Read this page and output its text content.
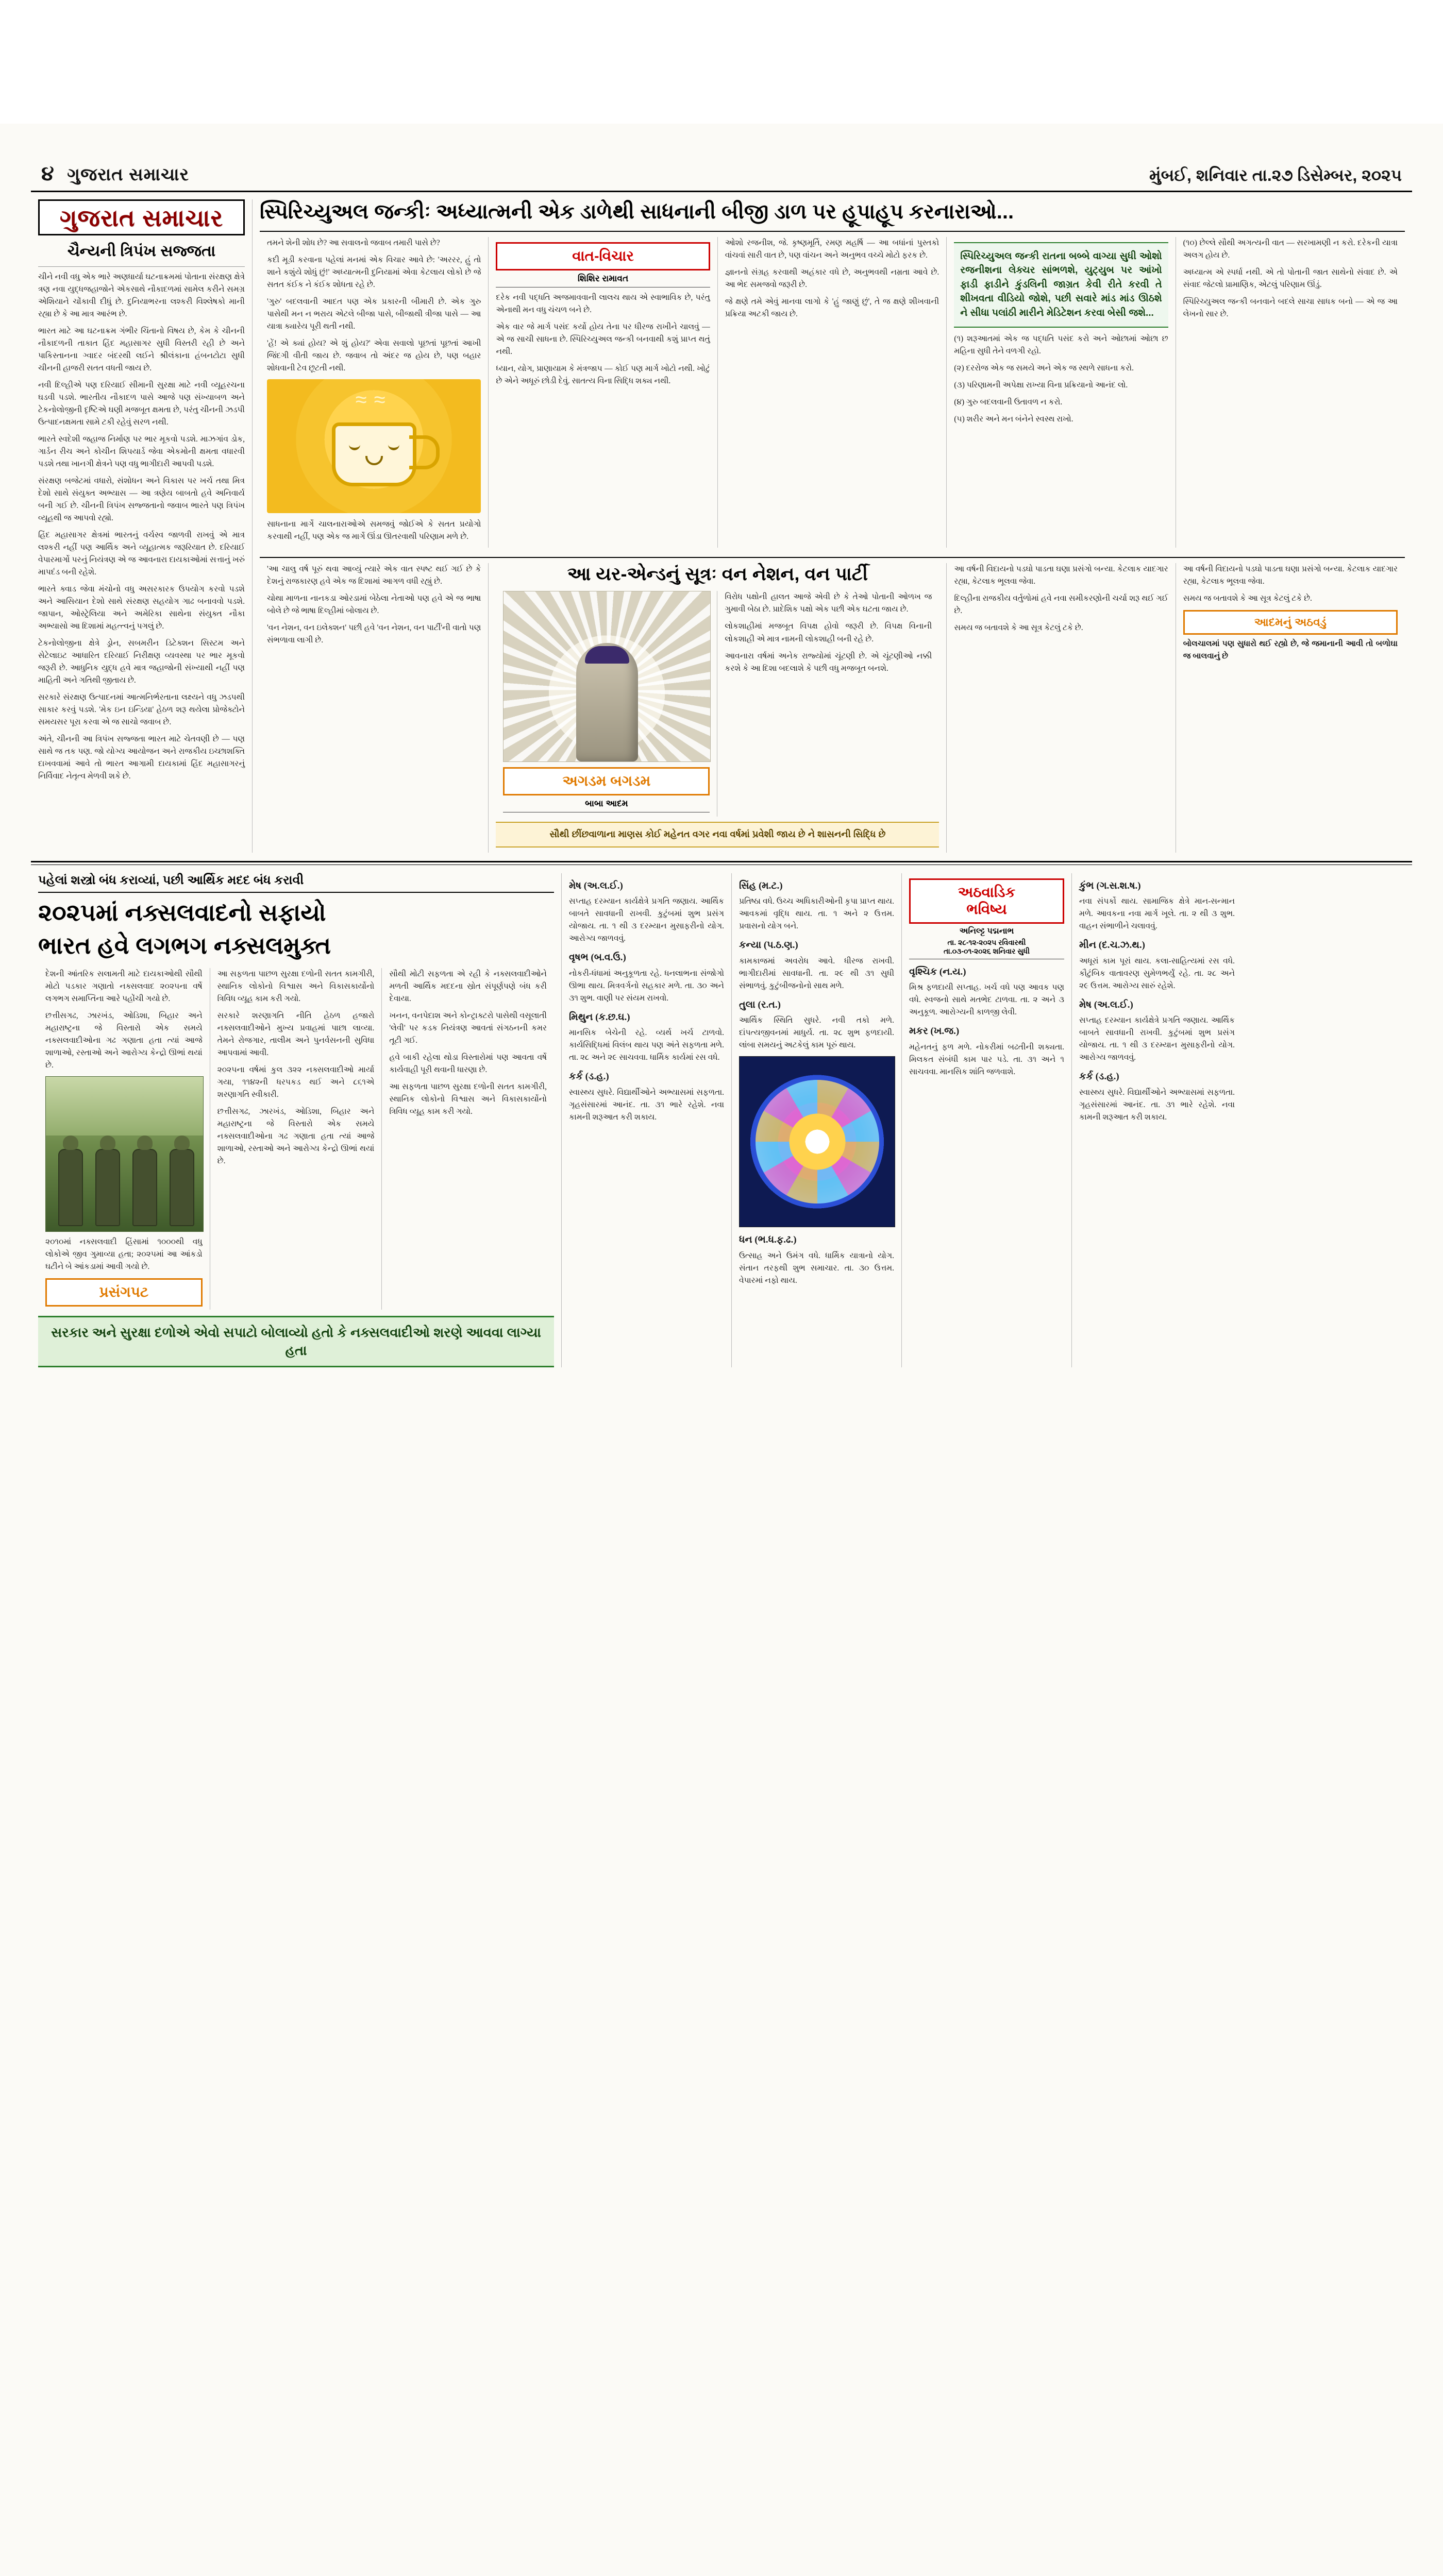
૪ ગુજરાત સમાચાર	મુંબઈ, શનિવાર તા.૨૭ ડિસેમ્બર, ૨૦૨૫
ગુજરાત સમાચાર
ચૈન્યની ત્રિપંખ સજ્જતા

ચીને નવી વધુ એક ભારે અણધાર્યા ઘટનાક્રમમાં પોતાના સંરક્ષણ ક્ષેત્રે ત્રણ નવા યુદ્ધજહાજોને એકસાથે નૌકાદળમાં સામેલ કરીને સમગ્ર એશિયાને ચોંકાવી દીધું છે. દુનિયાભરના લશ્કરી વિશ્લેષકો માની રહ્યા છે કે આ માત્ર આરંભ છે.

ભારત માટે આ ઘટનાક્રમ ગંભીર ચિંતાનો વિષય છે, કેમ કે ચીનની નૌકાદળની તાકાત હિંદ મહાસાગર સુધી વિસ્તરી રહી છે અને પાકિસ્તાનના ગ્વાદર બંદરથી લઈને શ્રીલંકાના હંબનટોટા સુધી ચીનની હાજરી સતત વધતી જાય છે.

નવી દિલ્હીએ પણ દરિયાઈ સીમાની સુરક્ષા માટે નવી વ્યૂહરચના ઘડવી પડશે. ભારતીય નૌકાદળ પાસે આજે પણ સંખ્યાબળ અને ટેકનોલોજીની દૃષ્ટિએ ઘણી મજબૂત ક્ષમતા છે, પરંતુ ચીનની ઝડપી ઉત્પાદનક્ષમતા સામે ટકી રહેવું સરળ નથી.

ભારતે સ્વદેશી જહાજ નિર્માણ પર ભાર મૂકવો પડશે. માઝગાંવ ડોક, ગાર્ડન રીચ અને કોચીન શિપયાર્ડ જેવા એકમોની ક્ષમતા વધારવી પડશે તથા ખાનગી ક્ષેત્રને પણ વધુ ભાગીદારી આપવી પડશે.

સંરક્ષણ બજેટમાં વધારો, સંશોધન અને વિકાસ પર ખર્ચ તથા મિત્ર દેશો સાથે સંયુક્ત અભ્યાસ — આ ત્રણેય બાબતો હવે અનિવાર્ય બની ગઈ છે. ચીનની ત્રિપંખ સજ્જતાનો જવાબ ભારતે પણ ત્રિપંખ વ્યૂહથી જ આપવો રહ્યો.

હિંદ મહાસાગર ક્ષેત્રમાં ભારતનું વર્ચસ્વ જાળવી રાખવું એ માત્ર લશ્કરી નહીં પણ આર્થિક અને વ્યૂહાત્મક જરૂરિયાત છે. દરિયાઈ વેપારમાર્ગો પરનું નિયંત્રણ એ જ આવનારા દાયકાઓમાં સત્તાનું ખરું માપદંડ બની રહેશે.

ભારતે ક્વાડ જેવા મંચોનો વધુ અસરકારક ઉપયોગ કરવો પડશે અને આસિયાન દેશો સાથે સંરક્ષણ સહયોગ ગાઢ બનાવવો પડશે. જાપાન, ઓસ્ટ્રેલિયા અને અમેરિકા સાથેના સંયુક્ત નૌકા અભ્યાસો આ દિશામાં મહત્ત્વનું પગલું છે.

ટેકનોલોજીના ક્ષેત્રે ડ્રોન, સબમરીન ડિટેક્શન સિસ્ટમ અને સેટેલાઇટ આધારિત દરિયાઈ નિરીક્ષણ વ્યવસ્થા પર ભાર મૂકવો જરૂરી છે. આધુનિક યુદ્ધ હવે માત્ર જહાજોની સંખ્યાથી નહીં પણ માહિતી અને ગતિથી જીતાય છે.

સરકારે સંરક્ષણ ઉત્પાદનમાં આત્મનિર્ભરતાના લક્ષ્યને વધુ ઝડપથી સાકાર કરવું પડશે. 'મેક ઇન ઇન્ડિયા' હેઠળ શરૂ થયેલા પ્રોજેક્ટોને સમયસર પૂરા કરવા એ જ સાચો જવાબ છે.

અંતે, ચીનની આ ત્રિપંખ સજ્જતા ભારત માટે ચેતવણી છે — પણ સાથે જ તક પણ. જો યોગ્ય આયોજન અને રાજકીય ઇચ્છાશક્તિ દાખવવામાં આવે તો ભારત આગામી દાયકામાં હિંદ મહાસાગરનું નિર્વિવાદ નેતૃત્વ મેળવી શકે છે.

સ્પિરિચ્યુઅલ જન્કીઃ અધ્યાત્મની એક ડાળેથી સાધનાની બીજી ડાળ પર હૂપાહૂપ કરનારાઓ...

તમને શેની શોધ છે? આ સવાલનો જવાબ તમારી પાસે છે?

કદી મૂડી કરવાના પહેલાં મનમાં એક વિચાર આવે છે: 'અરરર, હું તો શાને કશુંયે શોધું છું!' અધ્યાત્મની દુનિયામાં એવા કેટલાય લોકો છે જે સતત કંઈક ને કંઈક શોધતા રહે છે.

'ગુરુ' બદલવાની આદત પણ એક પ્રકારની બીમારી છે. એક ગુરુ પાસેથી મન ન ભરાય એટલે બીજા પાસે, બીજાથી ત્રીજા પાસે — આ યાત્રા ક્યારેય પૂરી થતી નથી.

'હેં! એ ક્યાં હોય? એ શું હોય?' એવા સવાલો પૂછતાં પૂછતાં આખી જિંદગી વીતી જાય છે. જવાબ તો અંદર જ હોય છે, પણ બહાર શોધવાની ટેવ છૂટતી નથી.

≈≈

સાધનાના માર્ગે ચાલનારાઓએ સમજવું જોઈએ કે સતત પ્રયોગો કરવાથી નહીં, પણ એક જ માર્ગે ઊંડા ઊતરવાથી પરિણામ મળે છે.

વાત-વિચાર
શિશિર રામાવત

દરેક નવી પદ્ધતિ અજમાવવાની લાલચ થાય એ સ્વાભાવિક છે, પરંતુ એનાથી મન વધુ ચંચળ બને છે.

એક વાર જે માર્ગ પસંદ કર્યો હોય તેના પર ધીરજ રાખીને ચાલવું — એ જ સાચી સાધના છે. સ્પિરિચ્યુઅલ જન્કી બનવાથી કશું પ્રાપ્ત થતું નથી.

ધ્યાન, યોગ, પ્રાણાયામ કે મંત્રજાપ — કોઈ પણ માર્ગ ખોટો નથી. ખોટું છે એને અધૂરું છોડી દેવું. સાતત્ય વિના સિદ્ધિ શક્ય નથી.

ઓશો રજનીશ, જે. કૃષ્ણમૂર્તિ, રમણ મહર્ષિ — આ બધાંનાં પુસ્તકો વાંચવાં સારી વાત છે, પણ વાંચન અને અનુભવ વચ્ચે મોટો ફરક છે.

જ્ઞાનનો સંગ્રહ કરવાથી અહંકાર વધે છે, અનુભવથી નમ્રતા આવે છે. આ ભેદ સમજવો જરૂરી છે.

જે ક્ષણે તમે એવું માનવા લાગો કે 'હું જાણું છું', તે જ ક્ષણે શીખવાની પ્રક્રિયા અટકી જાય છે.

સ્પિરિચ્યુઅલ જન્કી રાતના બબ્બે વાગ્યા સુધી ઓશો રજનીશના લેક્ચર સાંભળશે, યુટ્યુબ પર આંખો ફાડી ફાડીને કુંડલિની જાગ્રત કેવી રીતે કરવી તે શીખવતા વીડિયો જોશે, પછી સવારે માંડ માંડ ઊઠશે ને સીધા પલાંઠી મારીને મેડિટેશન કરવા બેસી જશે...

(૧) શરૂઆતમાં એક જ પદ્ધતિ પસંદ કરો અને ઓછામાં ઓછા છ મહિના સુધી તેને વળગી રહો.

(૨) દરરોજ એક જ સમયે અને એક જ સ્થળે સાધના કરો.

(૩) પરિણામની અપેક્ષા રાખ્યા વિના પ્રક્રિયાનો આનંદ લો.

(૪) ગુરુ બદલવાની ઉતાવળ ન કરો.

(૫) શરીર અને મન બંનેને સ્વસ્થ રાખો.

(૧૦) છેલ્લે સૌથી અગત્યની વાત — સરખામણી ન કરો. દરેકની યાત્રા અલગ હોય છે.

અધ્યાત્મ એ સ્પર્ધા નથી. એ તો પોતાની જાત સાથેનો સંવાદ છે. એ સંવાદ જેટલો પ્રામાણિક, એટલું પરિણામ ઊંડું.

સ્પિરિચ્યુઅલ જન્કી બનવાને બદલે સાચા સાધક બનો — એ જ આ લેખનો સાર છે.

'આ ચાલુ વર્ષ પૂરું થવા આવ્યું ત્યારે એક વાત સ્પષ્ટ થઈ ગઈ છે કે દેશનું રાજકારણ હવે એક જ દિશામાં આગળ વધી રહ્યું છે.

ચોથા માળના નાનકડા ઓરડામાં બેઠેલા નેતાઓ પણ હવે એ જ ભાષા બોલે છે જે ભાષા દિલ્હીમાં બોલાય છે.

'વન નેશન, વન ઇલેક્શન' પછી હવે 'વન નેશન, વન પાર્ટી'ની વાતો પણ સંભળાવા લાગી છે.

આ યર-એન્ડનું સૂત્રઃ વન નેશન, વન પાર્ટી
અગડમ બગડમ
બાબા આદમ

વિરોધ પક્ષોની હાલત આજે એવી છે કે તેઓ પોતાની ઓળખ જ ગુમાવી બેઠા છે. પ્રાદેશિક પક્ષો એક પછી એક ઘટતા જાય છે.

લોકશાહીમાં મજબૂત વિપક્ષ હોવો જરૂરી છે. વિપક્ષ વિનાની લોકશાહી એ માત્ર નામની લોકશાહી બની રહે છે.

આવનારા વર્ષમાં અનેક રાજ્યોમાં ચૂંટણી છે. એ ચૂંટણીઓ નક્કી કરશે કે આ દિશા બદલાશે કે પછી વધુ મજબૂત બનશે.

સૌથી છીંછવાળાના માણસ કોઈ મહેનત વગર નવા વર્ષમાં પ્રવેશી જાય છે ને શાસનની સિદ્ધિ છે

આ વર્ષની વિદાયનો પડઘો પાડતા ઘણા પ્રસંગો બન્યા. કેટલાક યાદગાર રહ્યા, કેટલાક ભૂલવા જેવા.

દિલ્હીના રાજકીય વર્તુળોમાં હવે નવા સમીકરણોની ચર્ચા શરૂ થઈ ગઈ છે.

સમય જ બતાવશે કે આ સૂત્ર કેટલું ટકે છે.

આ વર્ષની વિદાયનો પડઘો પાડતા ઘણા પ્રસંગો બન્યા. કેટલાક યાદગાર રહ્યા, કેટલાક ભૂલવા જેવા.

સમય જ બતાવશે કે આ સૂત્ર કેટલું ટકે છે.

આદમનું અઠવડું

બોલચાલમાં પણ સુધારો થઈ રહ્યો છે, જે જમાનાની આવી તો બળોઘા જ બાલવાનું છે

પહેલાં શસ્ત્રો બંધ કરાવ્યાં, પછી આર્થિક મદદ બંધ કરાવી
૨૦૨૫માં નક્સલવાદનો સફાયો
ભારત હવે લગભગ નક્સલમુક્ત

દેશની આંતરિક સલામતી માટે દાયકાઓથી સૌથી મોટો પડકાર ગણાતો નક્સલવાદ ૨૦૨૫ના વર્ષે લગભગ સમાપ્તિના આરે પહોંચી ગયો છે.

છત્તીસગઢ, ઝારખંડ, ઓડિશા, બિહાર અને મહારાષ્ટ્રના જે વિસ્તારો એક સમયે નક્સલવાદીઓના ગઢ ગણાતા હતા ત્યાં આજે શાળાઓ, રસ્તાઓ અને આરોગ્ય કેન્દ્રો ઊભાં થયાં છે.

૨૦૧૦માં નક્સલવાદી હિંસામાં ૧૦૦૦થી વધુ લોકોએ જીવ ગુમાવ્યા હતા; ૨૦૨૫માં આ આંકડો ઘટીને બે આંકડામાં આવી ગયો છે.

પ્રસંગપટ

આ સફળતા પાછળ સુરક્ષા દળોની સતત કામગીરી, સ્થાનિક લોકોનો વિશ્વાસ અને વિકાસકાર્યોનો ત્રિવિધ વ્યૂહ કામ કરી ગયો.

સરકારે શરણાગતિ નીતિ હેઠળ હજારો નક્સલવાદીઓને મુખ્ય પ્રવાહમાં પાછા લાવ્યા. તેમને રોજગાર, તાલીમ અને પુનર્વસનની સુવિધા આપવામાં આવી.

૨૦૨૫ના વર્ષમાં કુલ ૩૨૨ નક્સલવાદીઓ માર્યા ગયા, ૧૧૪૨ની ધરપકડ થઈ અને ૮૬૧એ શરણાગતિ સ્વીકારી.

છત્તીસગઢ, ઝારખંડ, ઓડિશા, બિહાર અને મહારાષ્ટ્રના જે વિસ્તારો એક સમયે નક્સલવાદીઓના ગઢ ગણાતા હતા ત્યાં આજે શાળાઓ, રસ્તાઓ અને આરોગ્ય કેન્દ્રો ઊભાં થયાં છે.

સૌથી મોટી સફળતા એ રહી કે નક્સલવાદીઓને મળતી આર્થિક મદદના સ્રોત સંપૂર્ણપણે બંધ કરી દેવાયા.

ખનન, વનપેદાશ અને કોન્ટ્રાક્ટરો પાસેથી વસૂલાતી 'લેવી' પર કડક નિયંત્રણ આવતાં સંગઠનની કમર તૂટી ગઈ.

હવે બાકી રહેલા થોડા વિસ્તારોમાં પણ આવતા વર્ષે કાર્યવાહી પૂરી થવાની ધારણા છે.

આ સફળતા પાછળ સુરક્ષા દળોની સતત કામગીરી, સ્થાનિક લોકોનો વિશ્વાસ અને વિકાસકાર્યોનો ત્રિવિધ વ્યૂહ કામ કરી ગયો.

સરકાર અને સુરક્ષા દળોએ એવો સપાટો બોલાવ્યો હતો કે નક્સલવાદીઓ શરણે આવવા લાગ્યા હતા
મેષ (અ.લ.ઈ.)

સપ્તાહ દરમ્યાન કાર્યક્ષેત્રે પ્રગતિ જણાય. આર્થિક બાબતે સાવધાની રાખવી. કુટુંબમાં શુભ પ્રસંગ યોજાય. તા. ૧ થી ૩ દરમ્યાન મુસાફરીનો યોગ. આરોગ્ય જાળવવું.

વૃષભ (બ.વ.ઉ.)

નોકરી-ધંધામાં અનુકૂળતા રહે. ધનલાભના સંજોગો ઊભા થાય. મિત્રવર્ગનો સહકાર મળે. તા. ૩૦ અને ૩૧ શુભ. વાણી પર સંયમ રાખવો.

મિથુન (ક.છ.ઘ.)

માનસિક બેચેની રહે. વ્યર્થ ખર્ચ ટાળવો. કાર્યસિદ્ધિમાં વિલંબ થાય પણ અંતે સફળતા મળે. તા. ૨૮ અને ૨૯ સાચવવા. ધાર્મિક કાર્યમાં રસ વધે.

કર્ક (ડ.હ.)

સ્વાસ્થ્ય સુધરે. વિદ્યાર્થીઓને અભ્યાસમાં સફળતા. ગૃહસંસારમાં આનંદ. તા. ૩૧ ભારે રહેશે. નવા કામની શરૂઆત કરી શકાય.

સિંહ (મ.ટ.)

પ્રતિષ્ઠા વધે. ઉચ્ચ અધિકારીઓની કૃપા પ્રાપ્ત થાય. આવકમાં વૃદ્ધિ થાય. તા. ૧ અને ૨ ઉત્તમ. પ્રવાસનો યોગ બને.

કન્યા (પ.ઠ.ણ.)

કામકાજમાં અવરોધ આવે. ધીરજ રાખવી. ભાગીદારીમાં સાવધાની. તા. ૨૯ થી ૩૧ સુધી સંભાળવું. કુટુંબીજનોનો સાથ મળે.

તુલા (ર.ત.)

આર્થિક સ્થિતિ સુધરે. નવી તકો મળે. દાંપત્યજીવનમાં માધુર્ય. તા. ૨૮ શુભ ફળદાયી. લાંબા સમયનું અટકેલું કામ પૂરું થાય.

ધન (ભ.ધ.ફ.ઢ.)

ઉત્સાહ અને ઉમંગ વધે. ધાર્મિક યાત્રાનો યોગ. સંતાન તરફથી શુભ સમાચાર. તા. ૩૦ ઉત્તમ. વેપારમાં નફો થાય.

અઠવાડિક
ભવિષ્ય
અનિલ્ટ્ટ પદ્મનાભ
તા. ૨૮-૧૨-૨૦૨૫ રવિવારથી
તા.૦૩-૦૧-૨૦૨૬ શનિવાર સુધી
વૃશ્ચિક (ન.ય.)

મિશ્ર ફળદાયી સપ્તાહ. ખર્ચ વધે પણ આવક પણ વધે. સ્વજનો સાથે મતભેદ ટાળવા. તા. ૨ અને ૩ અનુકૂળ. આરોગ્યની કાળજી લેવી.

મકર (ખ.જ.)

મહેનતનું ફળ મળે. નોકરીમાં બઢતીની શક્યતા. મિલકત સંબંધી કામ પાર પડે. તા. ૩૧ અને ૧ સાચવવા. માનસિક શાંતિ જળવાશે.

કુંભ (ગ.સ.શ.ષ.)

નવા સંપર્કો થાય. સામાજિક ક્ષેત્રે માન-સન્માન મળે. આવકના નવા માર્ગ ખૂલે. તા. ૨ થી ૩ શુભ. વાહન સંભાળીને ચલાવવું.

મીન (દ.ચ.ઝ.થ.)

અધૂરાં કામ પૂરાં થાય. કલા-સાહિત્યમાં રસ વધે. કૌટુંબિક વાતાવરણ સુમેળભર્યું રહે. તા. ૨૮ અને ૨૯ ઉત્તમ. આરોગ્ય સારું રહેશે.

મેષ (અ.લ.ઈ.)

સપ્તાહ દરમ્યાન કાર્યક્ષેત્રે પ્રગતિ જણાય. આર્થિક બાબતે સાવધાની રાખવી. કુટુંબમાં શુભ પ્રસંગ યોજાય. તા. ૧ થી ૩ દરમ્યાન મુસાફરીનો યોગ. આરોગ્ય જાળવવું.

કર્ક (ડ.હ.)

સ્વાસ્થ્ય સુધરે. વિદ્યાર્થીઓને અભ્યાસમાં સફળતા. ગૃહસંસારમાં આનંદ. તા. ૩૧ ભારે રહેશે. નવા કામની શરૂઆત કરી શકાય.
